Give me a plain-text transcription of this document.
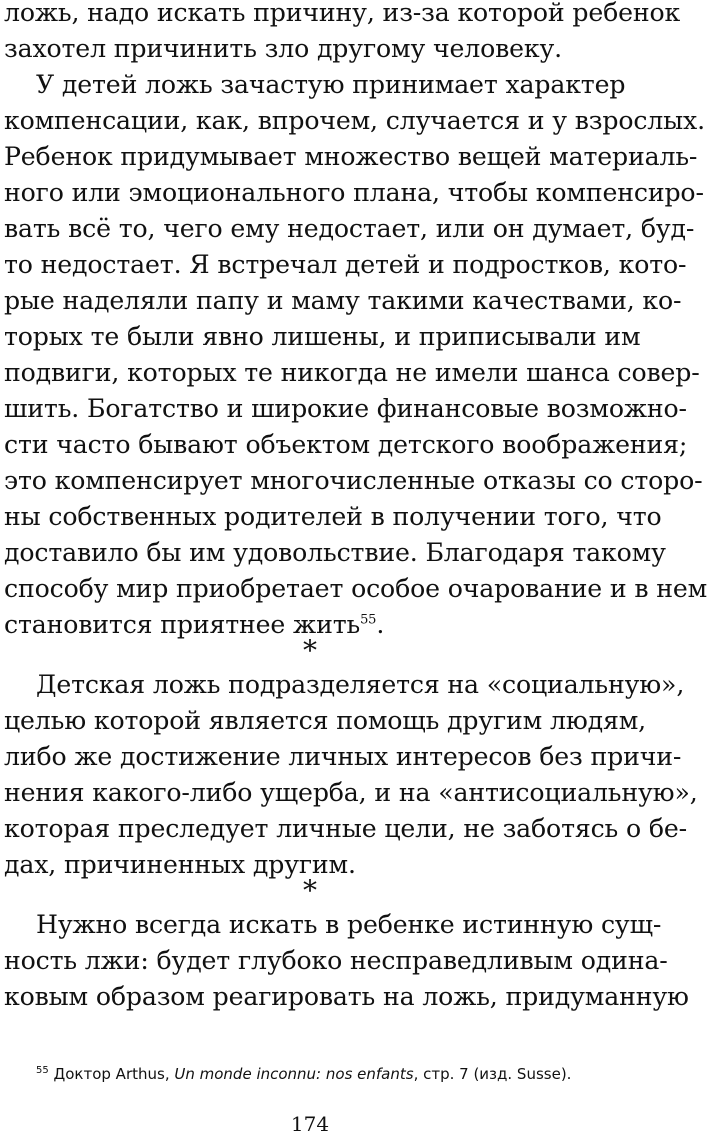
ложь, надо искать причину, из-за которой ребенок
захотел причинить зло другому человеку.
У детей ложь зачастую принимает характер
компенсации, как, впрочем, случается и у взрослых.
Ребенок придумывает множество вещей материаль-
ного или эмоционального плана, чтобы компенсиро-
вать всё то, чего ему недостает, или он думает, буд-
то недостает. Я встречал детей и подростков, кото-
рые наделяли папу и маму такими качествами, ко-
торых те были явно лишены, и приписывали им
подвиги, которых те никогда не имели шанса совер-
шить. Богатство и широкие финансовые возможно-
сти часто бывают объектом детского воображения;
это компенсирует многочисленные отказы со сторо-
ны собственных родителей в получении того, что
доставило бы им удовольствие. Благодаря такому
способу мир приобретает особое очарование и в нем
становится приятнее жить$^{55}$.
*
Детская ложь подразделяется на «социальную»,
целью которой является помощь другим людям,
либо же достижение личных интересов без причи-
нения какого-либо ущерба, и на «антисоциальную»,
которая преследует личные цели, не заботясь о бе-
дах, причиненных другим.
*
Нужно всегда искать в ребенке истинную сущ-
ность лжи: будет глубоко несправедливым одина-
ковым образом реагировать на ложь, придуманную
$^{55}$ Доктор Arthus, Un monde inconnu: nos enfants, стр. 7 (изд. Susse).
174
